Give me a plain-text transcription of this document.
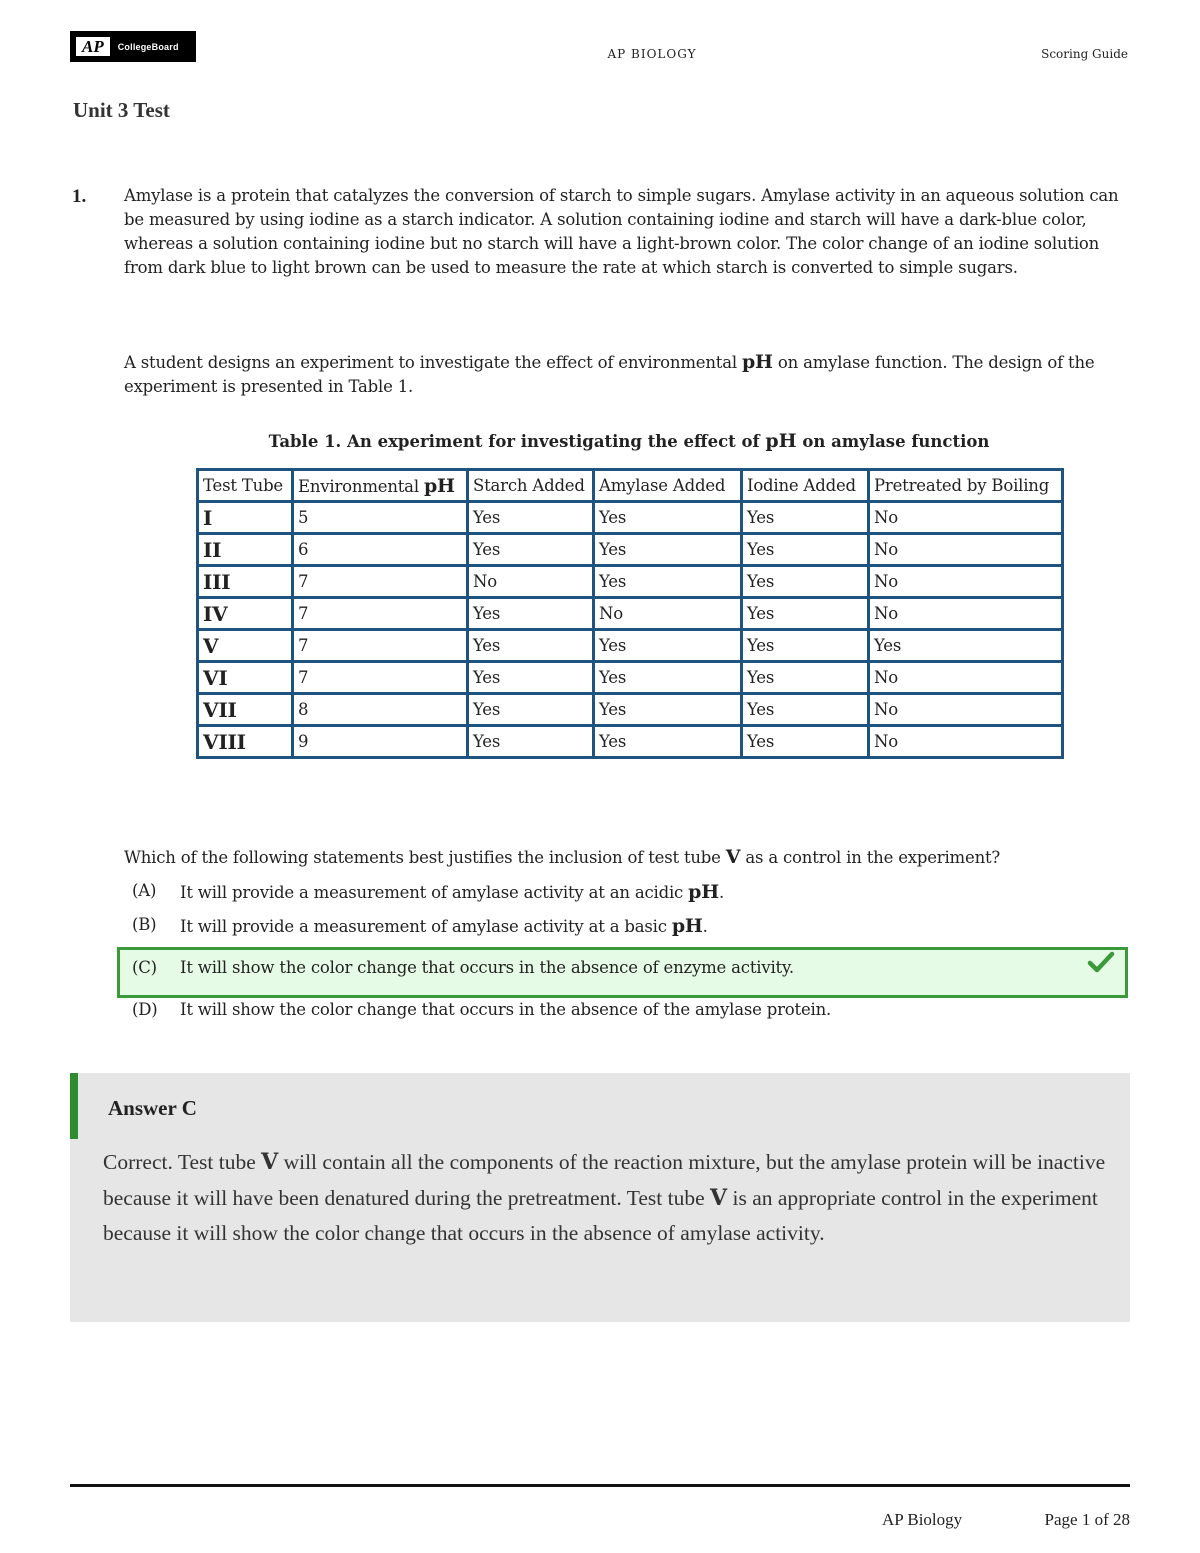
AP	CollegeBoard
AP BIOLOGY	Scoring Guide
Unit 3 Test
1. Amylase is a protein that catalyzes the conversion of starch to simple sugars. Amylase activity in an aqueous solution can be measured by using iodine as a starch indicator. A solution containing iodine and starch will have a dark-blue color, whereas a solution containing iodine but no starch will have a light-brown color. The color change of an iodine solution from dark blue to light brown can be used to measure the rate at which starch is converted to simple sugars.
A student designs an experiment to investigate the effect of environmental pH on amylase function. The design of the experiment is presented in Table 1.
Table 1. An experiment for investigating the effect of pH on amylase function
Test Tube	Environmental pH	Starch Added	Amylase Added	Iodine Added	Pretreated by Boiling
I	5	Yes	Yes	Yes	No
II	6	Yes	Yes	Yes	No
III	7	No	Yes	Yes	No
IV	7	Yes	No	Yes	No
V	7	Yes	Yes	Yes	Yes
VI	7	Yes	Yes	Yes	No
VII	8	Yes	Yes	Yes	No
VIII	9	Yes	Yes	Yes	No
Which of the following statements best justifies the inclusion of test tube V as a control in the experiment?
(A)	It will provide a measurement of amylase activity at an acidic pH.
(B)	It will provide a measurement of amylase activity at a basic pH.
(C)	It will show the color change that occurs in the absence of enzyme activity.
(D)	It will show the color change that occurs in the absence of the amylase protein.
Answer C
Correct. Test tube V will contain all the components of the reaction mixture, but the amylase protein will be inactive because it will have been denatured during the pretreatment. Test tube V is an appropriate control in the experiment because it will show the color change that occurs in the absence of amylase activity.
AP Biology	Page 1 of 28
